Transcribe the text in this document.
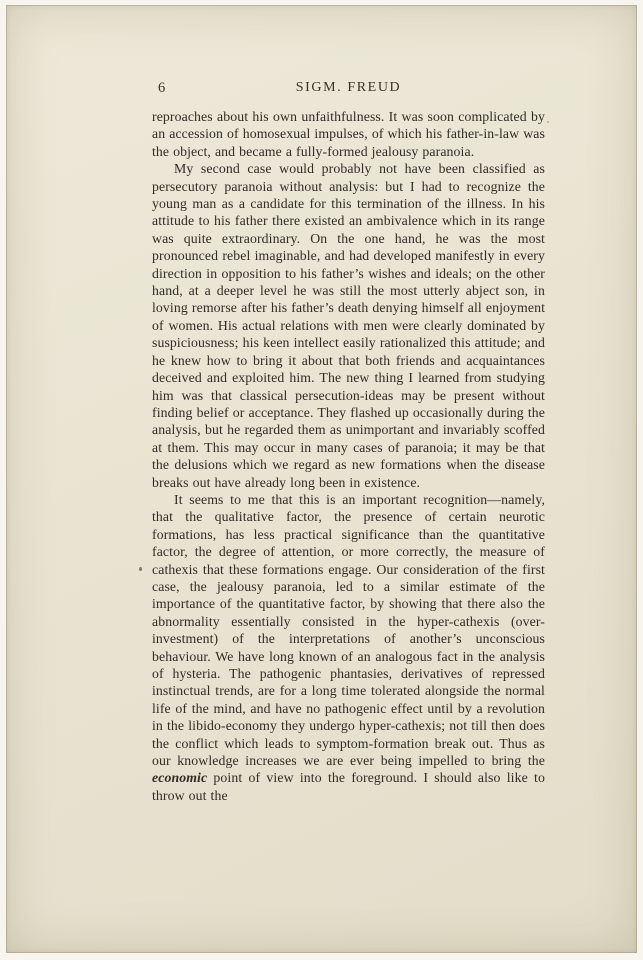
6	SIGM. FREUD

reproaches about his own unfaithfulness. It was soon complicated by an accession of homosexual impulses, of which his father-in-law was the object, and became a fully-formed jealousy paranoia.

My second case would probably not have been classified as persecutory paranoia without analysis: but I had to recognize the young man as a candidate for this termination of the illness. In his attitude to his father there existed an ambivalence which in its range was quite extraordinary. On the one hand, he was the most pronounced rebel imaginable, and had developed manifestly in every direction in opposition to his father’s wishes and ideals; on the other hand, at a deeper level he was still the most utterly abject son, in loving remorse after his father’s death denying himself all enjoyment of women. His actual relations with men were clearly dominated by suspiciousness; his keen intellect easily rationalized this attitude; and he knew how to bring it about that both friends and acquaintances deceived and exploited him. The new thing I learned from studying him was that classical persecution-ideas may be present without finding belief or acceptance. They flashed up occasionally during the analysis, but he regarded them as unimportant and invariably scoffed at them. This may occur in many cases of paranoia; it may be that the delusions which we regard as new formations when the disease breaks out have already long been in existence.

It seems to me that this is an important recognition—namely, that the qualitative factor, the presence of certain neurotic formations, has less practical significance than the quantitative factor, the degree of attention, or more correctly, the measure of cathexis that these formations engage. Our consideration of the first case, the jealousy paranoia, led to a similar estimate of the importance of the quantitative factor, by showing that there also the abnormality essentially consisted in the hyper-cathexis (over-investment) of the interpretations of another’s unconscious behaviour. We have long known of an analogous fact in the analysis of hysteria. The pathogenic phantasies, derivatives of repressed instinctual trends, are for a long time tolerated alongside the normal life of the mind, and have no pathogenic effect until by a revolution in the libido-economy they undergo hyper-cathexis; not till then does the conflict which leads to symptom-formation break out. Thus as our knowledge increases we are ever being impelled to bring the economic point of view into the foreground. I should also like to throw out the
